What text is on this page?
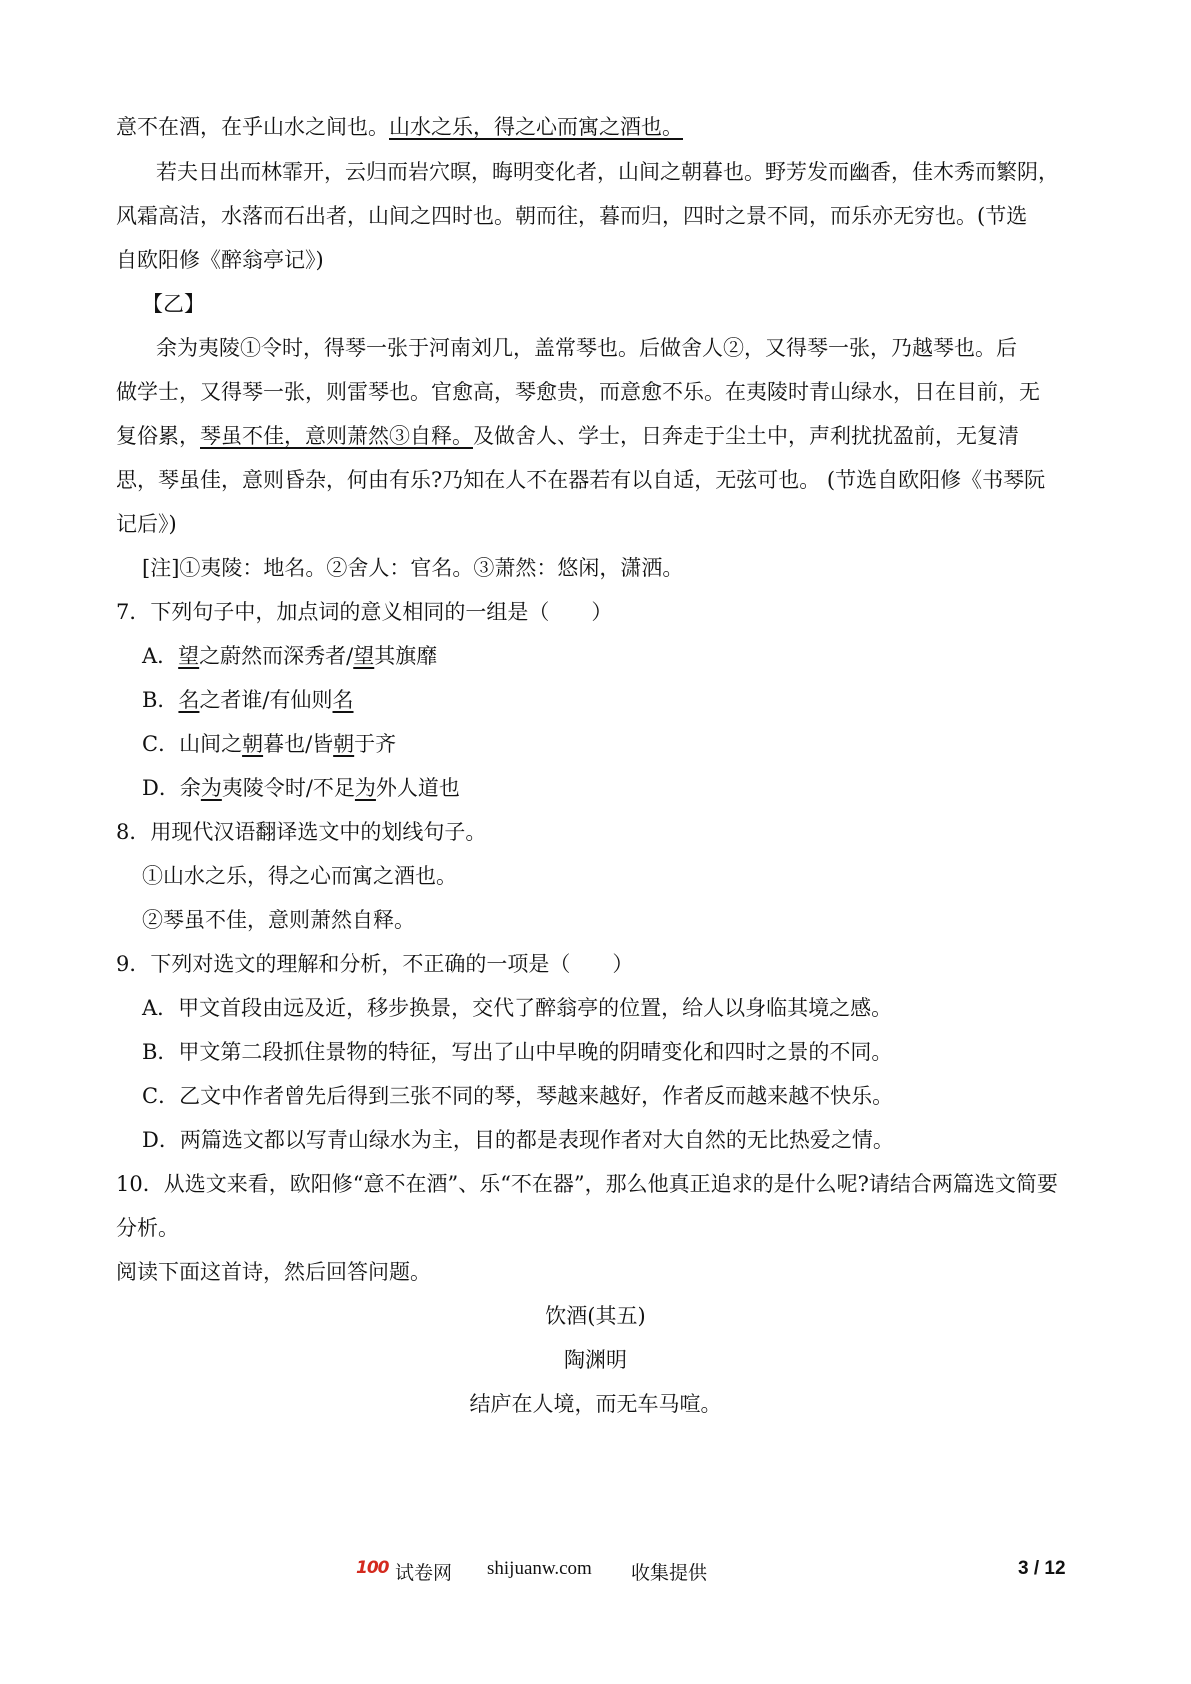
意不在酒，在乎山水之间也。山水之乐，得之心而寓之酒也。
若夫日出而林霏开，云归而岩穴暝，晦明变化者，山间之朝暮也。野芳发而幽香，佳木秀而繁阴，
风霜高洁，水落而石出者，山间之四时也。朝而往，暮而归，四时之景不同，而乐亦无穷也。(节选
自欧阳修《醉翁亭记》)
【乙】
余为夷陵①令时，得琴一张于河南刘几，盖常琴也。后做舍人②，又得琴一张，乃越琴也。后
做学士，又得琴一张，则雷琴也。官愈高，琴愈贵，而意愈不乐。在夷陵时青山绿水，日在目前，无
复俗累，琴虽不佳，意则萧然③自释。及做舍人、学士，日奔走于尘土中，声利扰扰盈前，无复清
思，琴虽佳，意则昏杂，何由有乐?乃知在人不在器若有以自适，无弦可也。 (节选自欧阳修《书琴阮
记后》)
[注]①夷陵：地名。②舍人：官名。③萧然：悠闲，潇洒。
7．下列句子中，加点词的意义相同的一组是（　　）
A．望之蔚然而深秀者/望其旗靡
B．名之者谁/有仙则名
C．山间之朝暮也/皆朝于齐
D．余为夷陵令时/不足为外人道也
8．用现代汉语翻译选文中的划线句子。
①山水之乐，得之心而寓之酒也。
②琴虽不佳，意则萧然自释。
9．下列对选文的理解和分析，不正确的一项是（　　）
A．甲文首段由远及近，移步换景，交代了醉翁亭的位置，给人以身临其境之感。
B．甲文第二段抓住景物的特征，写出了山中早晚的阴晴变化和四时之景的不同。
C．乙文中作者曾先后得到三张不同的琴，琴越来越好，作者反而越来越不快乐。
D．两篇选文都以写青山绿水为主，目的都是表现作者对大自然的无比热爱之情。
10．从选文来看，欧阳修“意不在酒”、乐“不在器”，那么他真正追求的是什么呢?请结合两篇选文简要
分析。
阅读下面这首诗，然后回答问题。
饮酒(其五)
陶渊明
结庐在人境，而无车马喧。
100 试卷网 shijuanw.com 收集提供	3 / 12
